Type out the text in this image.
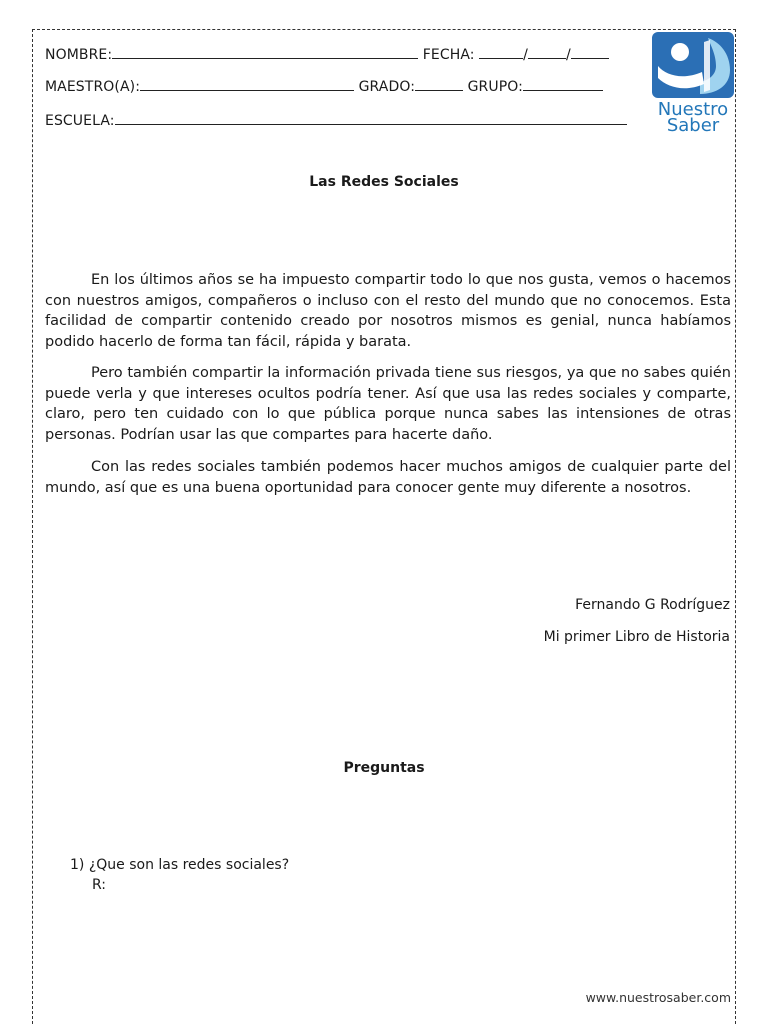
NOMBRE:	FECHA:	/	/
MAESTRO(A):	GRADO:	GRUPO:
ESCUELA:
Nuestro
Saber
Las Redes Sociales

En los últimos años se ha impuesto compartir todo lo que nos gusta, vemos o hacemos con nuestros amigos, compañeros o incluso con el resto del mundo que no conocemos. Esta facilidad de compartir contenido creado por nosotros mismos es genial, nunca habíamos podido hacerlo de forma tan fácil, rápida y barata.

Pero también compartir la información privada tiene sus riesgos, ya que no sabes quién puede verla y que intereses ocultos podría tener. Así que usa las redes sociales y comparte, claro, pero ten cuidado con lo que pública porque nunca sabes las intensiones de otras personas. Podrían usar las que compartes para hacerte daño.

Con las redes sociales también podemos hacer muchos amigos de cualquier parte del mundo, así que es una buena oportunidad para conocer gente muy diferente a nosotros.

Fernando G Rodríguez
Mi primer Libro de Historia
Preguntas
1) ¿Que son las redes sociales?
R:
www.nuestrosaber.com
